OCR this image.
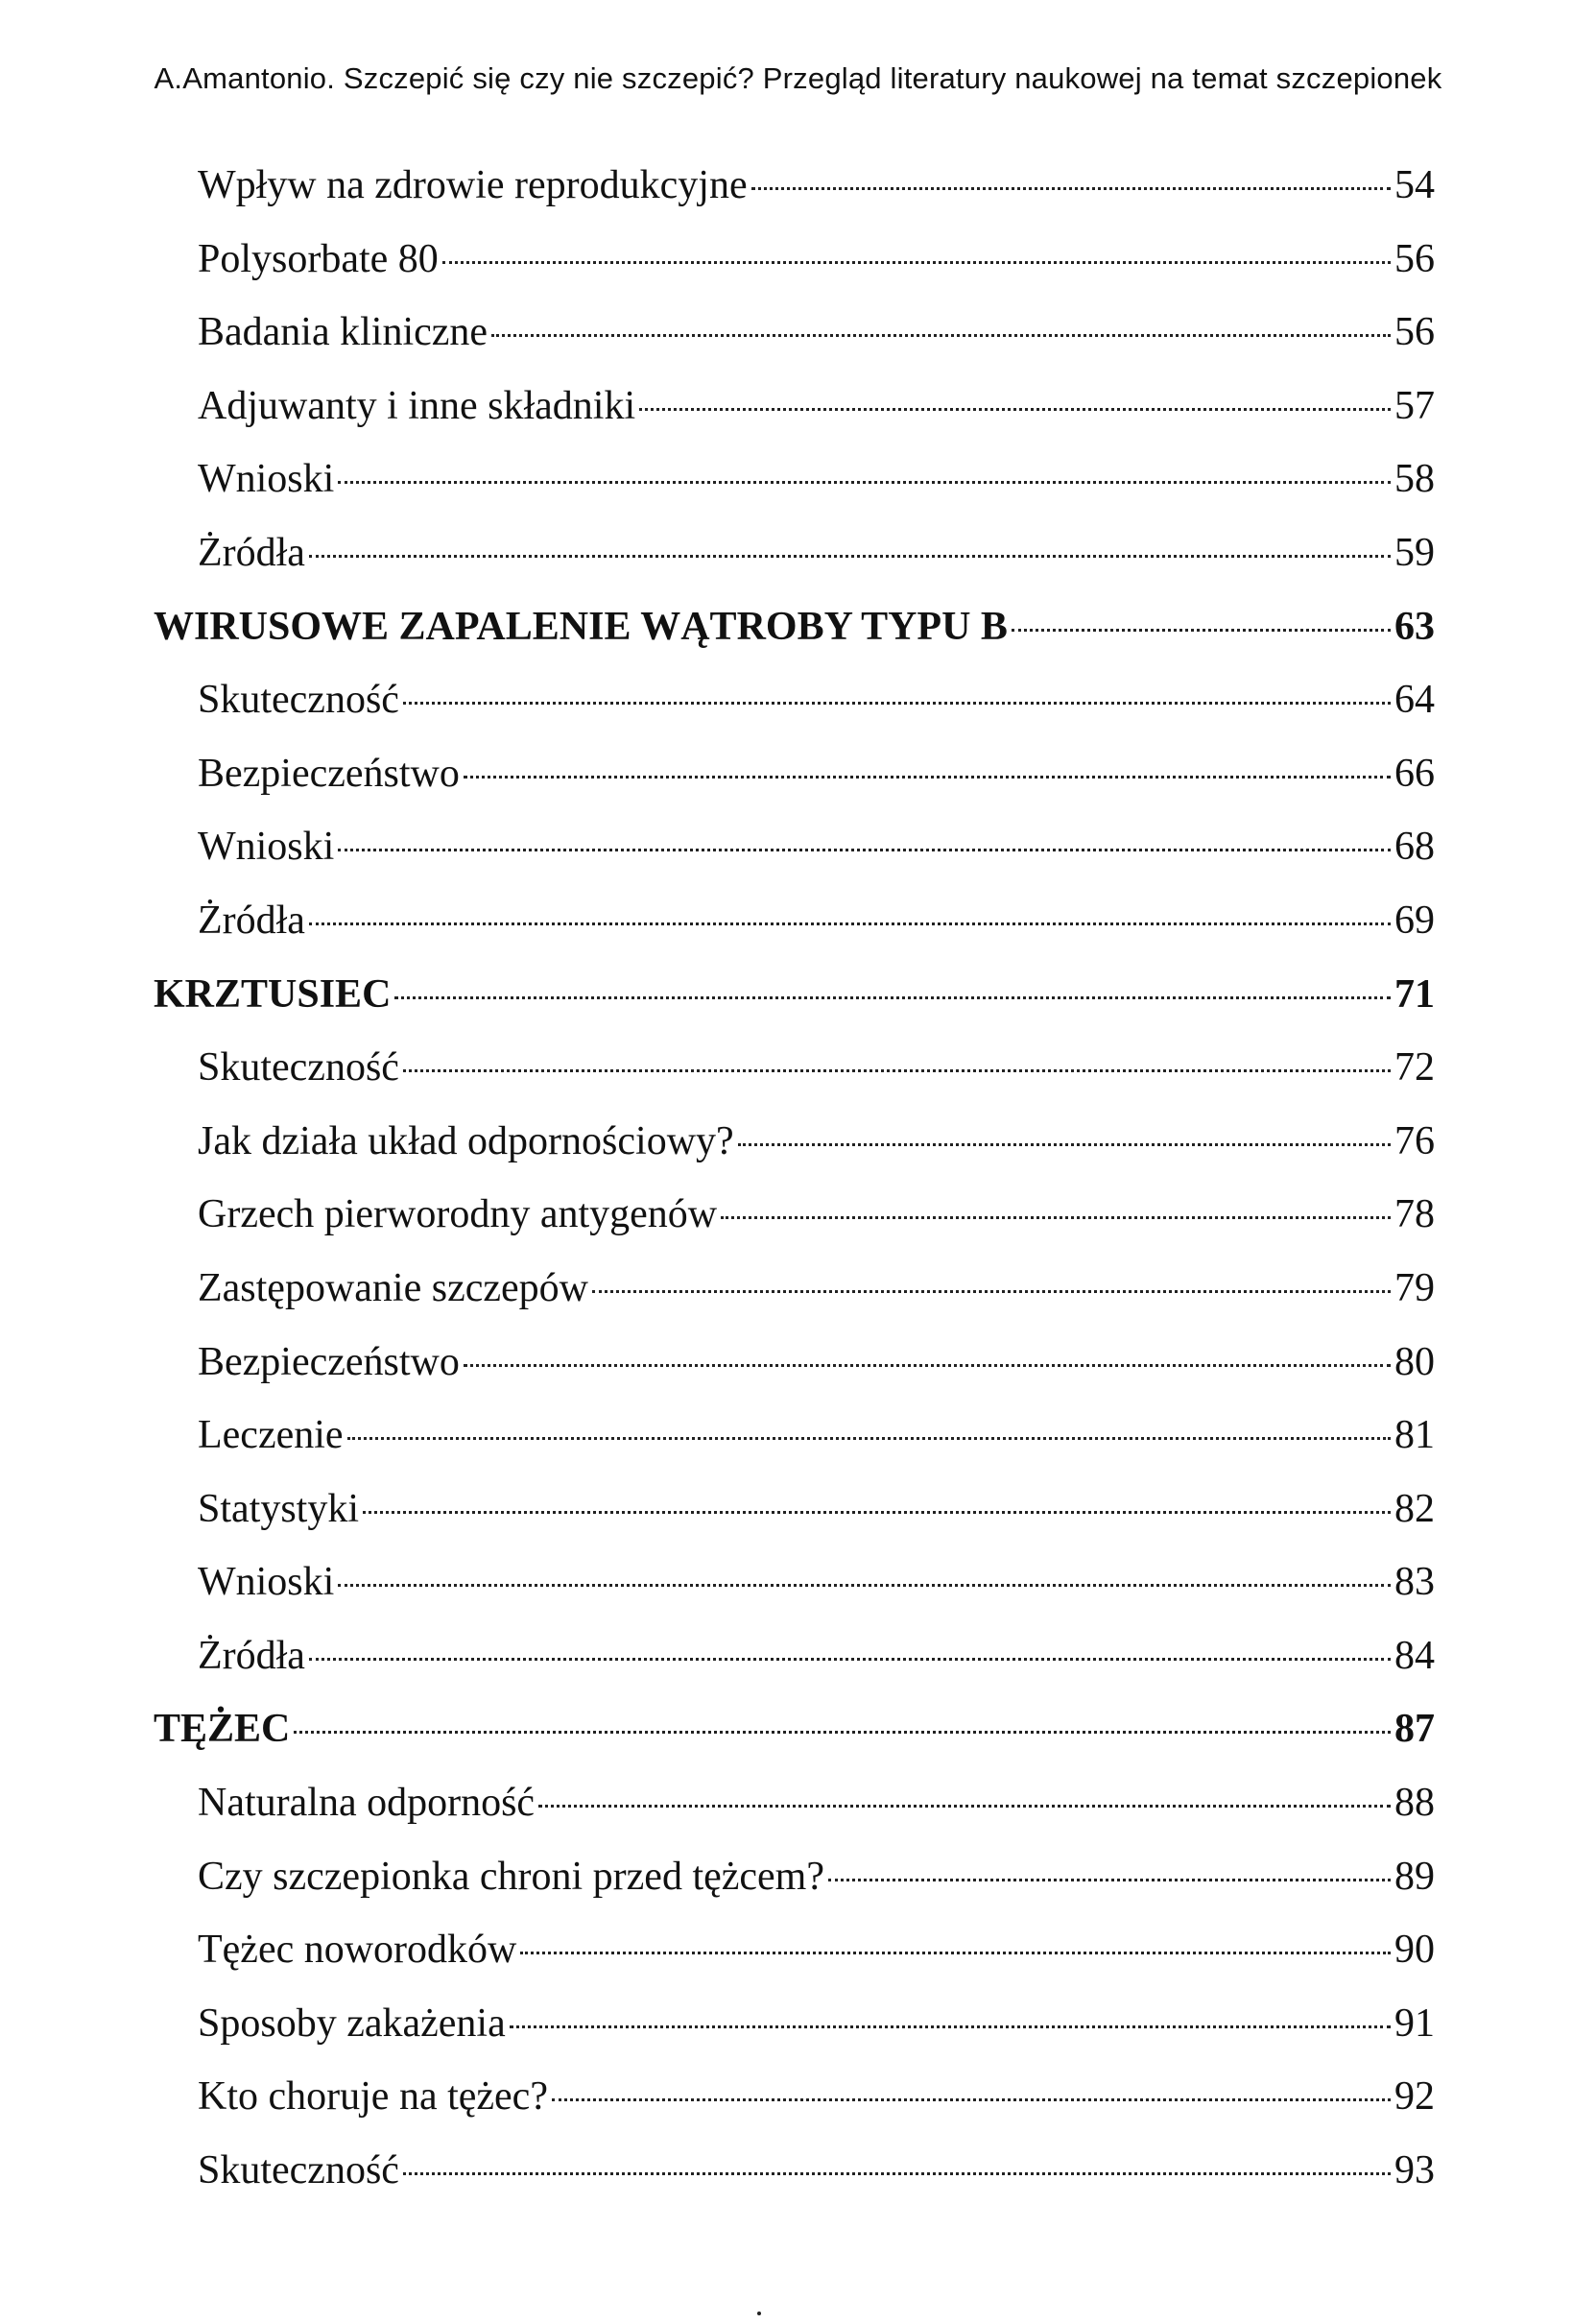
A.Amantonio. Szczepić się czy nie szczepić? Przegląd literatury naukowej na temat szczepionek
Wpływ na zdrowie reprodukcyjne	54
Polysorbate 80	56
Badania kliniczne	56
Adjuwanty i inne składniki	57
Wnioski	58
Żródła	59
WIRUSOWE ZAPALENIE WĄTROBY TYPU B	63
Skuteczność	64
Bezpieczeństwo	66
Wnioski	68
Żródła	69
KRZTUSIEC	71
Skuteczność	72
Jak działa układ odpornościowy?	76
Grzech pierworodny antygenów	78
Zastępowanie szczepów	79
Bezpieczeństwo	80
Leczenie	81
Statystyki	82
Wnioski	83
Żródła	84
TĘŻEC	87
Naturalna odporność	88
Czy szczepionka chroni przed tężcem?	89
Tężec noworodków	90
Sposoby zakażenia	91
Kto choruje na tężec?	92
Skuteczność	93
